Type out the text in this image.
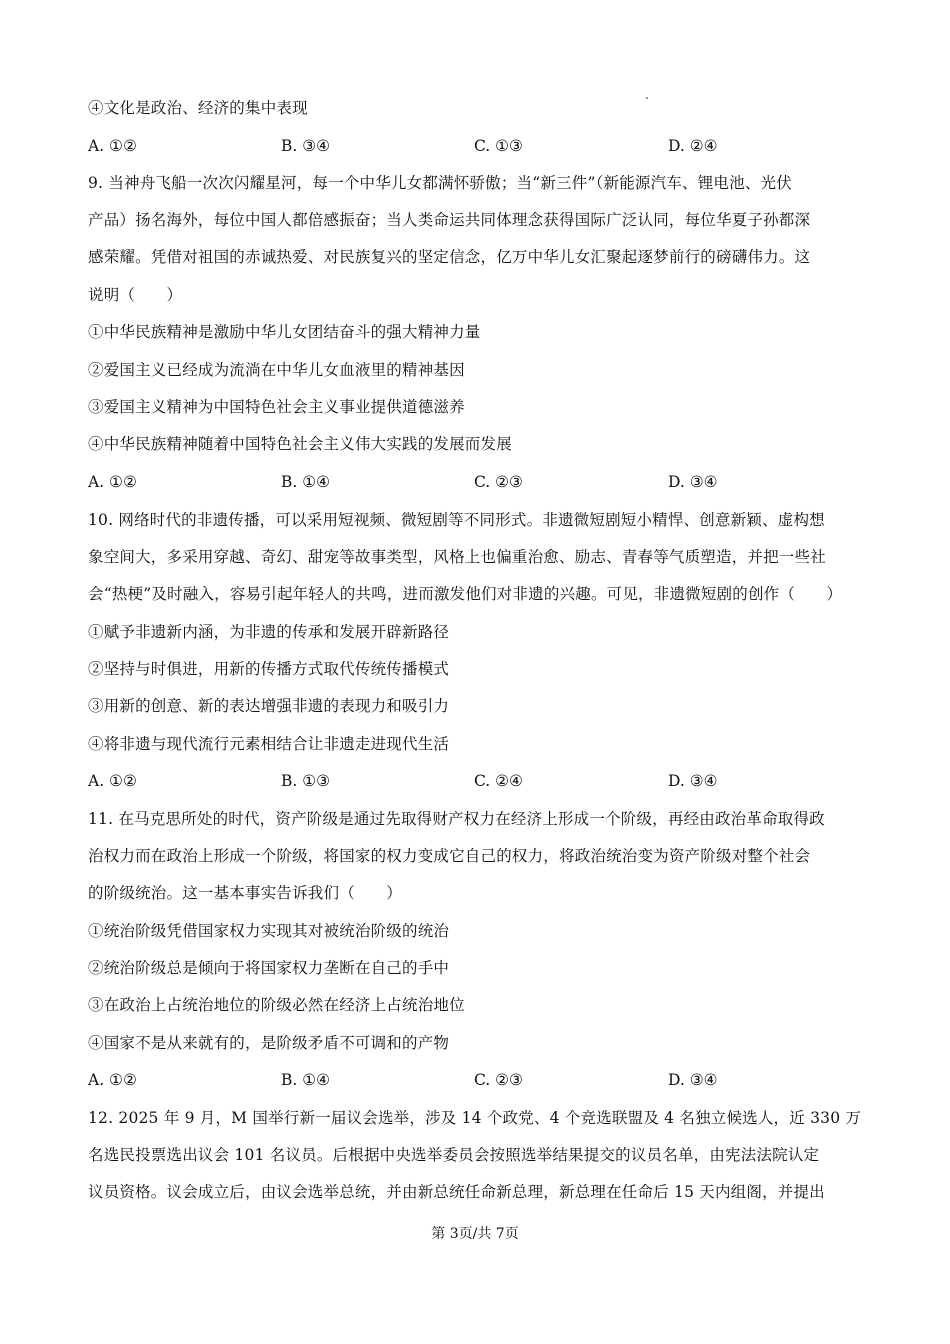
④文化是政治、经济的集中表现
A. ①②	B. ③④	C. ①③	D. ②④
9. 当神舟飞船一次次闪耀星河，每一个中华儿女都满怀骄傲；当“新三件”（新能源汽车、锂电池、光伏
产品）扬名海外，每位中国人都倍感振奋；当人类命运共同体理念获得国际广泛认同，每位华夏子孙都深
感荣耀。凭借对祖国的赤诚热爱、对民族复兴的坚定信念，亿万中华儿女汇聚起逐梦前行的磅礴伟力。这
说明（　　）
①中华民族精神是激励中华儿女团结奋斗的强大精神力量
②爱国主义已经成为流淌在中华儿女血液里的精神基因
③爱国主义精神为中国特色社会主义事业提供道德滋养
④中华民族精神随着中国特色社会主义伟大实践的发展而发展
A. ①②	B. ①④	C. ②③	D. ③④
10. 网络时代的非遗传播，可以采用短视频、微短剧等不同形式。非遗微短剧短小精悍、创意新颖、虚构想
象空间大，多采用穿越、奇幻、甜宠等故事类型，风格上也偏重治愈、励志、青春等气质塑造，并把一些社
会“热梗”及时融入，容易引起年轻人的共鸣，进而激发他们对非遗的兴趣。可见，非遗微短剧的创作（　　）
①赋予非遗新内涵，为非遗的传承和发展开辟新路径
②坚持与时俱进，用新的传播方式取代传统传播模式
③用新的创意、新的表达增强非遗的表现力和吸引力
④将非遗与现代流行元素相结合让非遗走进现代生活
A. ①②	B. ①③	C. ②④	D. ③④
11. 在马克思所处的时代，资产阶级是通过先取得财产权力在经济上形成一个阶级，再经由政治革命取得政
治权力而在政治上形成一个阶级，将国家的权力变成它自己的权力，将政治统治变为资产阶级对整个社会
的阶级统治。这一基本事实告诉我们（　　）
①统治阶级凭借国家权力实现其对被统治阶级的统治
②统治阶级总是倾向于将国家权力垄断在自己的手中
③在政治上占统治地位的阶级必然在经济上占统治地位
④国家不是从来就有的，是阶级矛盾不可调和的产物
A. ①②	B. ①④	C. ②③	D. ③④
12. 2025 年 9 月，M 国举行新一届议会选举，涉及 14 个政党、4 个竞选联盟及 4 名独立候选人，近 330 万
名选民投票选出议会 101 名议员。后根据中央选举委员会按照选举结果提交的议员名单，由宪法法院认定
议员资格。议会成立后，由议会选举总统，并由新总统任命新总理，新总理在任命后 15 天内组阁，并提出
第 3页/共 7页
